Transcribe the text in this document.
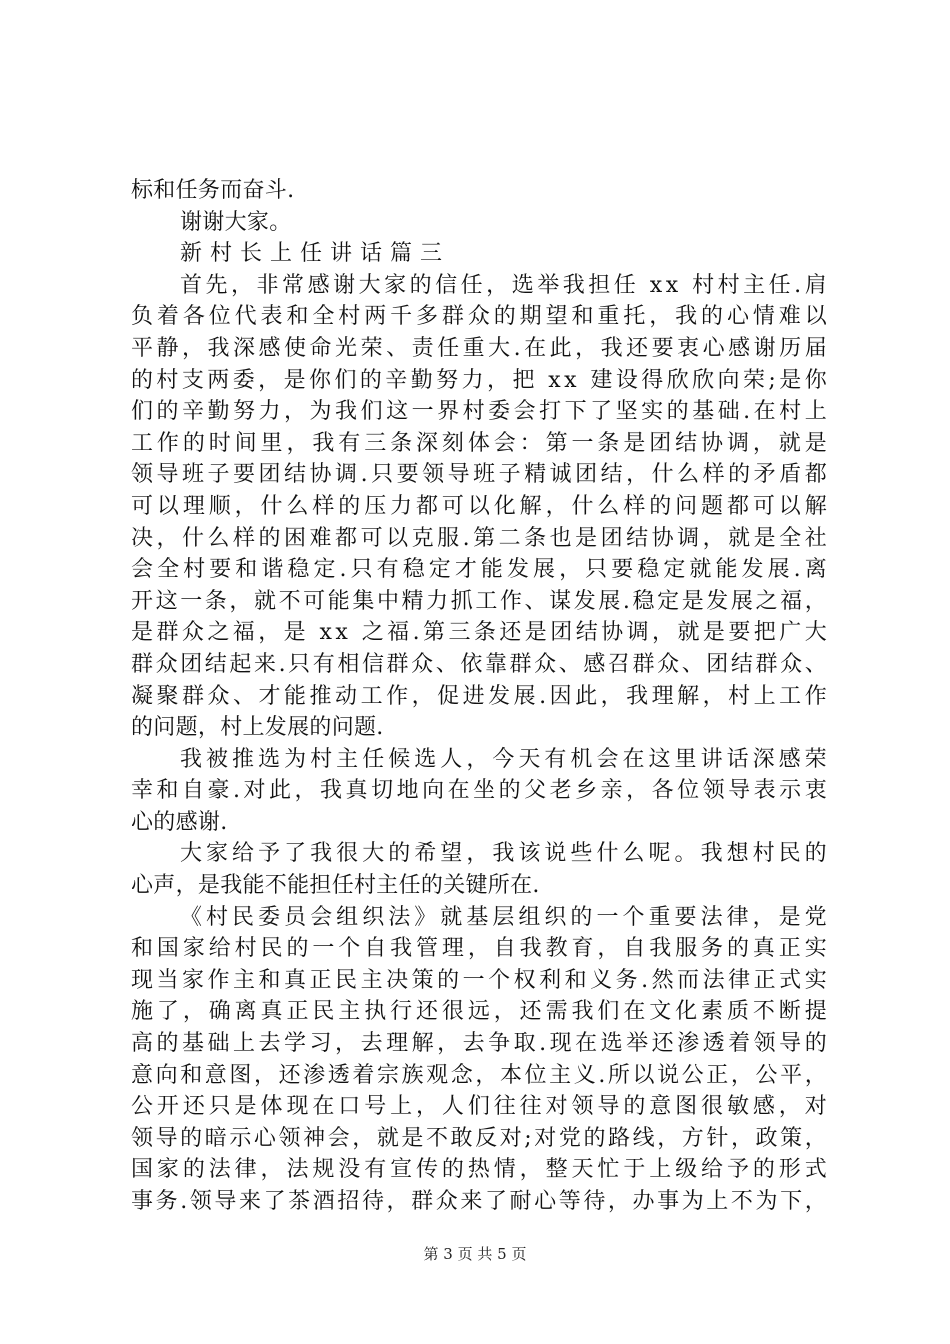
标和任务而奋斗.
谢谢大家。
新村长上任讲话篇三
首先，非常感谢大家的信任，选举我担任 xx 村村主任.肩
负着各位代表和全村两千多群众的期望和重托，我的心情难以
平静，我深感使命光荣、责任重大.在此，我还要衷心感谢历届
的村支两委，是你们的辛勤努力，把 xx 建设得欣欣向荣;是你
们的辛勤努力，为我们这一界村委会打下了坚实的基础.在村上
工作的时间里，我有三条深刻体会：第一条是团结协调，就是
领导班子要团结协调.只要领导班子精诚团结，什么样的矛盾都
可以理顺，什么样的压力都可以化解，什么样的问题都可以解
决，什么样的困难都可以克服.第二条也是团结协调，就是全社
会全村要和谐稳定.只有稳定才能发展，只要稳定就能发展.离
开这一条，就不可能集中精力抓工作、谋发展.稳定是发展之福，
是群众之福，是 xx 之福.第三条还是团结协调，就是要把广大
群众团结起来.只有相信群众、依靠群众、感召群众、团结群众、
凝聚群众、才能推动工作，促进发展.因此，我理解，村上工作
的问题，村上发展的问题.
我被推选为村主任候选人，今天有机会在这里讲话深感荣
幸和自豪.对此，我真切地向在坐的父老乡亲，各位领导表示衷
心的感谢.
大家给予了我很大的希望，我该说些什么呢。我想村民的
心声，是我能不能担任村主任的关键所在.
《村民委员会组织法》就基层组织的一个重要法律，是党
和国家给村民的一个自我管理，自我教育，自我服务的真正实
现当家作主和真正民主决策的一个权利和义务.然而法律正式实
施了，确离真正民主执行还很远，还需我们在文化素质不断提
高的基础上去学习，去理解，去争取.现在选举还渗透着领导的
意向和意图，还渗透着宗族观念，本位主义.所以说公正，公平，
公开还只是体现在口号上，人们往往对领导的意图很敏感，对
领导的暗示心领神会，就是不敢反对;对党的路线，方针，政策，
国家的法律，法规没有宣传的热情，整天忙于上级给予的形式
事务.领导来了茶酒招待，群众来了耐心等待，办事为上不为下，
第 3 页 共 5 页
